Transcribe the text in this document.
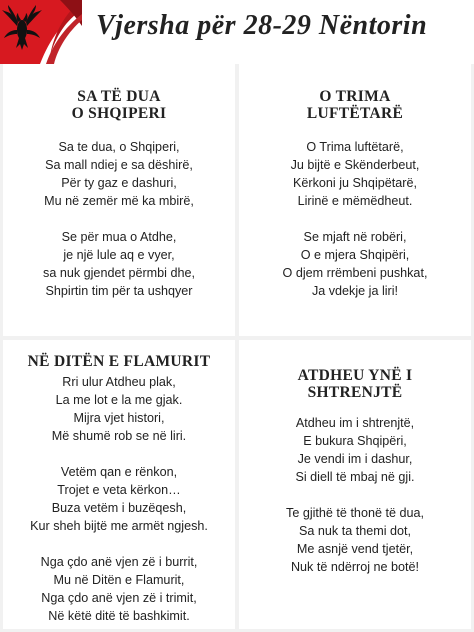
Vjersha për 28-29 Nëntorin
SA TË DUA
O SHQIPERI
Sa te dua, o Shqiperi,
Sa mall ndiej e sa dëshirë,
Për ty gaz e dashuri,
Mu në zemër më ka mbirë,
Se për mua o Atdhe,
je një lule aq e vyer,
sa nuk gjendet përmbi dhe,
Shpirtin tim për ta ushqyer
O TRIMA
LUFTËTARË
O Trima luftëtarë,
Ju bijtë e Skënderbeut,
Kërkoni ju Shqipëtarë,
Lirinë e mëmëdheut.
Se mjaft në robëri,
O e mjera Shqipëri,
O djem rrëmbeni pushkat,
Ja vdekje ja liri!
NË DITËN E FLAMURIT
Rri ulur Atdheu plak,
La me lot e la me gjak.
Mijra vjet histori,
Më shumë rob se në liri.
Vetëm qan e rënkon,
Trojet e veta kërkon…
Buza vetëm i buzëqesh,
Kur sheh bijtë me armët ngjesh.
Nga çdo anë vjen zë i burrit,
Mu në Ditën e Flamurit,
Nga çdo anë vjen zë i trimit,
Në këtë ditë të bashkimit.
ATDHEU YNË I
SHTRENJTË
Atdheu im i shtrenjtë,
E bukura Shqipëri,
Je vendi im i dashur,
Si diell të mbaj në gji.
Te gjithë të thonë të dua,
Sa nuk ta themi dot,
Me asnjë vend tjetër,
Nuk të ndërroj ne botë!
